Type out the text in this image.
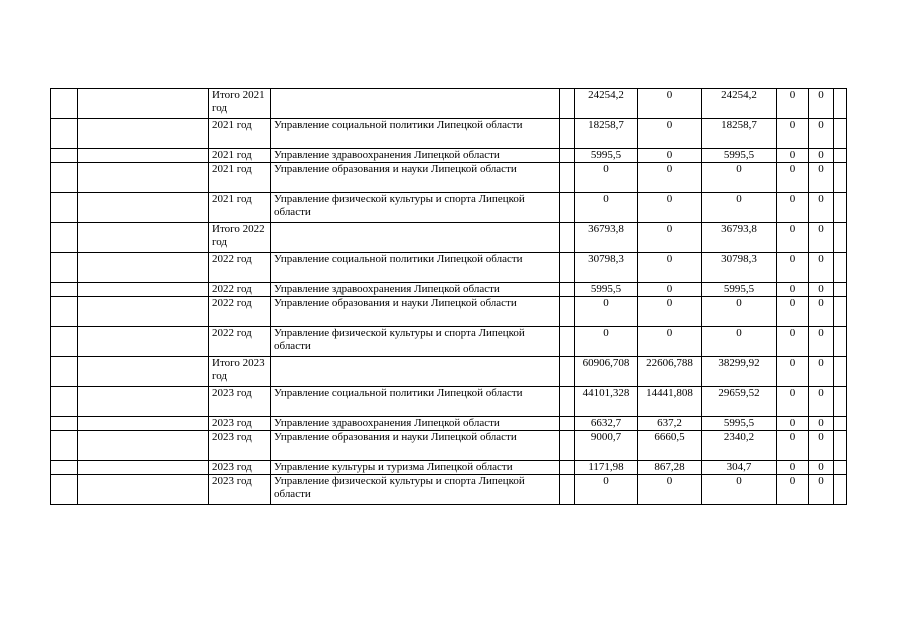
		Итого 2021 год			24254,2	0	24254,2	0	0	
		2021 год	Управление социальной политики Липецкой области		18258,7	0	18258,7	0	0	
		2021 год	Управление здравоохранения Липецкой области		5995,5	0	5995,5	0	0	
		2021 год	Управление образования и науки Липецкой области		0	0	0	0	0	
		2021 год	Управление физической культуры и спорта Липецкой области		0	0	0	0	0	
		Итого 2022 год			36793,8	0	36793,8	0	0	
		2022 год	Управление социальной политики Липецкой области		30798,3	0	30798,3	0	0	
		2022 год	Управление здравоохранения Липецкой области		5995,5	0	5995,5	0	0	
		2022 год	Управление образования и науки Липецкой области		0	0	0	0	0	
		2022 год	Управление физической культуры и спорта Липецкой области		0	0	0	0	0	
		Итого 2023 год			60906,708	22606,788	38299,92	0	0	
		2023 год	Управление социальной политики Липецкой области		44101,328	14441,808	29659,52	0	0	
		2023 год	Управление здравоохранения Липецкой области		6632,7	637,2	5995,5	0	0	
		2023 год	Управление образования и науки Липецкой области		9000,7	6660,5	2340,2	0	0	
		2023 год	Управление культуры и туризма Липецкой области		1171,98	867,28	304,7	0	0	
		2023 год	Управление физической культуры и спорта Липецкой области		0	0	0	0	0	
